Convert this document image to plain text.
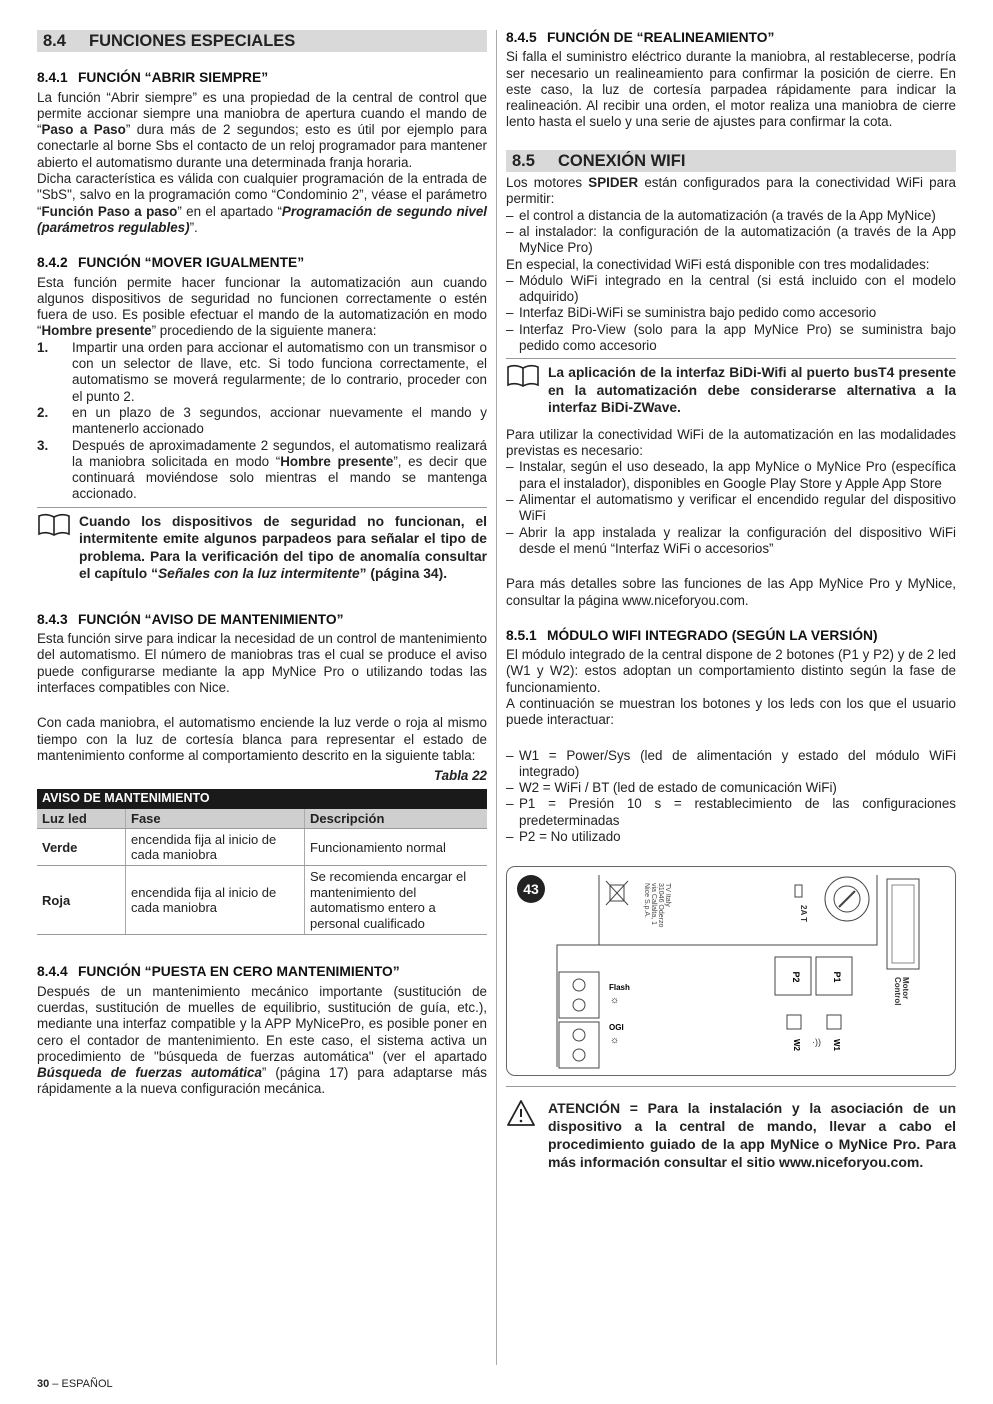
8.4 FUNCIONES ESPECIALES
8.4.1 FUNCIÓN “ABRIR SIEMPRE”

La función “Abrir siempre” es una propiedad de la central de control que permite accionar siempre una maniobra de apertura cuando el mando de “Paso a Paso” dura más de 2 segundos; esto es útil por ejemplo para conectarle al borne Sbs el contacto de un reloj programador para mantener abierto el automatismo durante una determinada franja horaria.

Dicha característica es válida con cualquier programación de la entrada de "SbS", salvo en la programación como “Condominio 2”, véase el parámetro “Función Paso a paso” en el apartado “Programación de segundo nivel (parámetros regulables)”.

8.4.2 FUNCIÓN “MOVER IGUALMENTE”

Esta función permite hacer funcionar la automatización aun cuando algunos dispositivos de seguridad no funcionen correctamente o estén fuera de uso. Es posible efectuar el mando de la automatización en modo “Hombre presente” procediendo de la siguiente manera:

1.	Impartir una orden para accionar el automatismo con un transmisor o con un selector de llave, etc. Si todo funciona correctamente, el automatismo se moverá regularmente; de lo contrario, proceder con el punto 2.
2.	en un plazo de 3 segundos, accionar nuevamente el mando y mantenerlo accionado
3.	Después de aproximadamente 2 segundos, el automatismo realizará la maniobra solicitada en modo “Hombre presente”, es decir que continuará moviéndose solo mientras el mando se mantenga accionado.
Cuando los dispositivos de seguridad no funcionan, el intermitente emite algunos parpadeos para señalar el tipo de problema. Para la verificación del tipo de anomalía consultar el capítulo “Señales con la luz intermitente” (página 34).
8.4.3 FUNCIÓN “AVISO DE MANTENIMIENTO”

Esta función sirve para indicar la necesidad de un control de mantenimiento del automatismo. El número de maniobras tras el cual se produce el aviso puede configurarse mediante la app MyNice Pro o utilizando todas las interfaces compatibles con Nice.

Con cada maniobra, el automatismo enciende la luz verde o roja al mismo tiempo con la luz de cortesía blanca para representar el estado de mantenimiento conforme al comportamiento descrito en la siguiente tabla:

Tabla 22
AVISO DE MANTENIMIENTO		
Luz led	Fase	Descripción
Verde	encendida fija al inicio de cada maniobra	Funcionamiento normal
Roja	encendida fija al inicio de cada maniobra	Se recomienda encargar el mantenimiento del automatismo entero a personal cualificado
8.4.4 FUNCIÓN “PUESTA EN CERO MANTENIMIENTO”

Después de un mantenimiento mecánico importante (sustitución de cuerdas, sustitución de muelles de equilibrio, sustitución de guía, etc.), mediante una interfaz compatible y la APP MyNicePro, es posible poner en cero el contador de mantenimiento. En este caso, el sistema activa un procedimiento de "búsqueda de fuerzas automática" (ver el apartado Búsqueda de fuerzas automática” (página 17) para adaptarse más rápidamente a la nueva configuración mecánica.

8.4.5 FUNCIÓN DE “REALINEAMIENTO”

Si falla el suministro eléctrico durante la maniobra, al restablecerse, podría ser necesario un realineamiento para confirmar la posición de cierre. En este caso, la luz de cortesía parpadea rápidamente para indicar la realineación. Al recibir una orden, el motor realiza una maniobra de cierre lento hasta el suelo y una serie de ajustes para confirmar la cota.

8.5 CONEXIÓN WIFI

Los motores SPIDER están configurados para la conectividad WiFi para permitir:

– el control a distancia de la automatización (a través de la App MyNice)
– al instalador: la configuración de la automatización (a través de la App MyNice Pro)

En especial, la conectividad WiFi está disponible con tres modalidades:

– Módulo WiFi integrado en la central (si está incluido con el modelo adquirido)
– Interfaz BiDi-WiFi se suministra bajo pedido como accesorio
– Interfaz Pro-View (solo para la app MyNice Pro) se suministra bajo pedido como accesorio
La aplicación de la interfaz BiDi-Wifi al puerto busT4 presente en la automatización debe considerarse alternativa a la interfaz BiDi-ZWave.

Para utilizar la conectividad WiFi de la automatización en las modalidades previstas es necesario:

– Instalar, según el uso deseado, la app MyNice o MyNice Pro (específica para el instalador), disponibles en Google Play Store y Apple App Store
– Alimentar el automatismo y verificar el encendido regular del dispositivo WiFi
– Abrir la app instalada y realizar la configuración del dispositivo WiFi desde el menú “Interfaz WiFi o accesorios”

Para más detalles sobre las funciones de las App MyNice Pro y MyNice, consultar la página www.niceforyou.com.

8.5.1 MÓDULO WIFI INTEGRADO (SEGÚN LA VERSIÓN)

El módulo integrado de la central dispone de 2 botones (P1 y P2) y de 2 led (W1 y W2): estos adoptan un comportamiento distinto según la fase de funcionamiento.

A continuación se muestran los botones y los leds con los que el usuario puede interactuar:

– W1 = Power/Sys (led de alimentación y estado del módulo WiFi integrado)
– W2 = WiFi / BT (led de estado de comunicación WiFi)
– P1 = Presión 10 s = restablecimiento de las configuraciones predeterminadas
– P2 = No utilizado
43	Nice S.p.A. via Callalta, 1 31046 Oderzo TV Italy
2A T
Motor
Control
P2	P1
W2	W1
·))
Flash
☼
OGI
☼
ATENCIÓN = Para la instalación y la asociación de un dispositivo a la central de mando, llevar a cabo el procedimiento guiado de la app MyNice o MyNice Pro. Para más información consultar el sitio www.niceforyou.com.
30 – ESPAÑOL
